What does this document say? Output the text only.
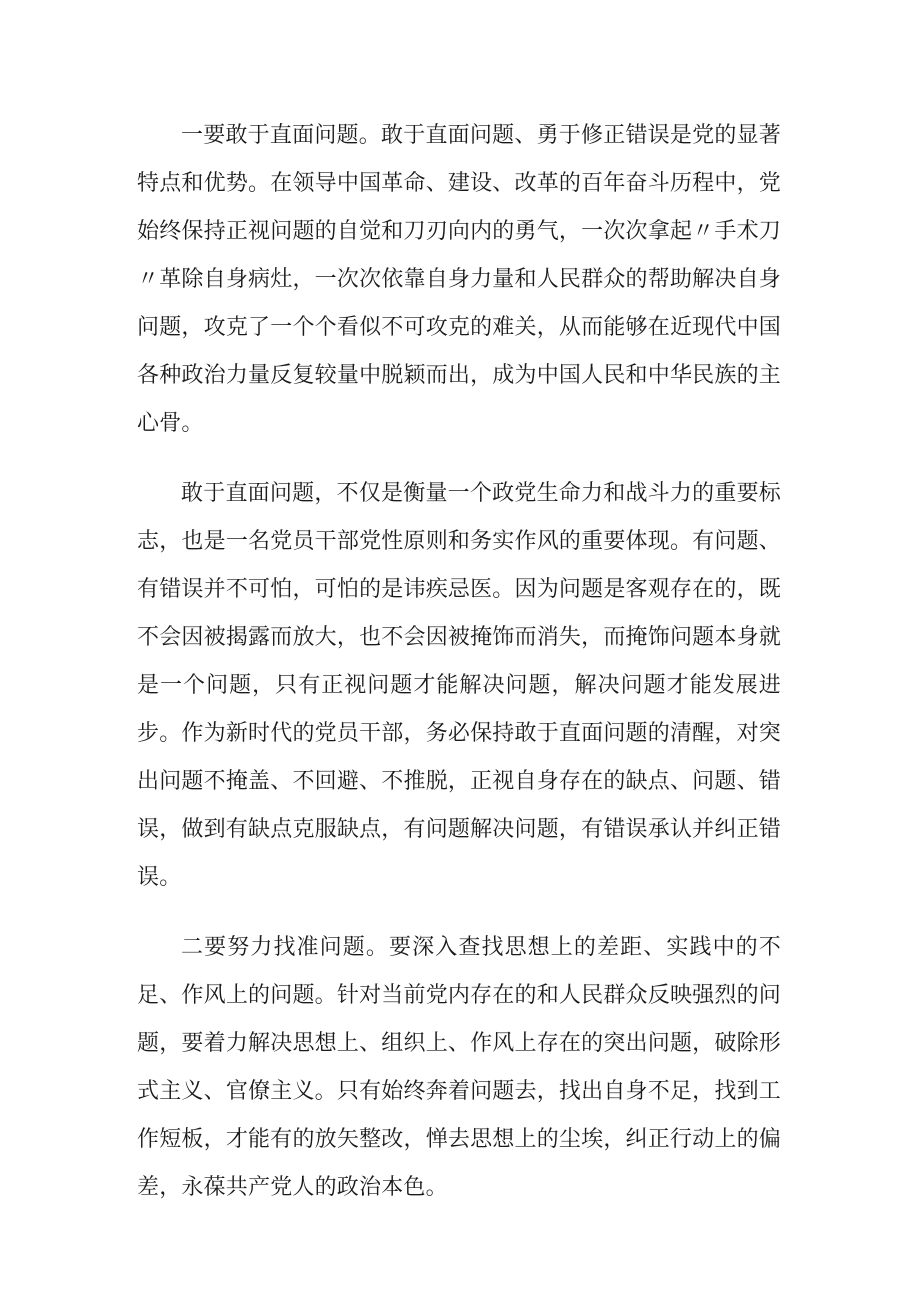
一要敢于直面问题。敢于直面问题、勇于修正错误是党的显著特点和优势。在领导中国革命、建设、改革的百年奋斗历程中，党始终保持正视问题的自觉和刀刃向内的勇气，一次次拿起〃手术刀〃革除自身病灶，一次次依靠自身力量和人民群众的帮助解决自身问题，攻克了一个个看似不可攻克的难关，从而能够在近现代中国各种政治力量反复较量中脱颖而出，成为中国人民和中华民族的主心骨。

敢于直面问题，不仅是衡量一个政党生命力和战斗力的重要标志，也是一名党员干部党性原则和务实作风的重要体现。有问题、有错误并不可怕，可怕的是讳疾忌医。因为问题是客观存在的，既不会因被揭露而放大，也不会因被掩饰而消失，而掩饰问题本身就是一个问题，只有正视问题才能解决问题，解决问题才能发展进步。作为新时代的党员干部，务必保持敢于直面问题的清醒，对突出问题不掩盖、不回避、不推脱，正视自身存在的缺点、问题、错误，做到有缺点克服缺点，有问题解决问题，有错误承认并纠正错误。

二要努力找准问题。要深入查找思想上的差距、实践中的不足、作风上的问题。针对当前党内存在的和人民群众反映强烈的问题，要着力解决思想上、组织上、作风上存在的突出问题，破除形式主义、官僚主义。只有始终奔着问题去，找出自身不足，找到工作短板，才能有的放矢整改，惮去思想上的尘埃，纠正行动上的偏差，永葆共产党人的政治本色。
